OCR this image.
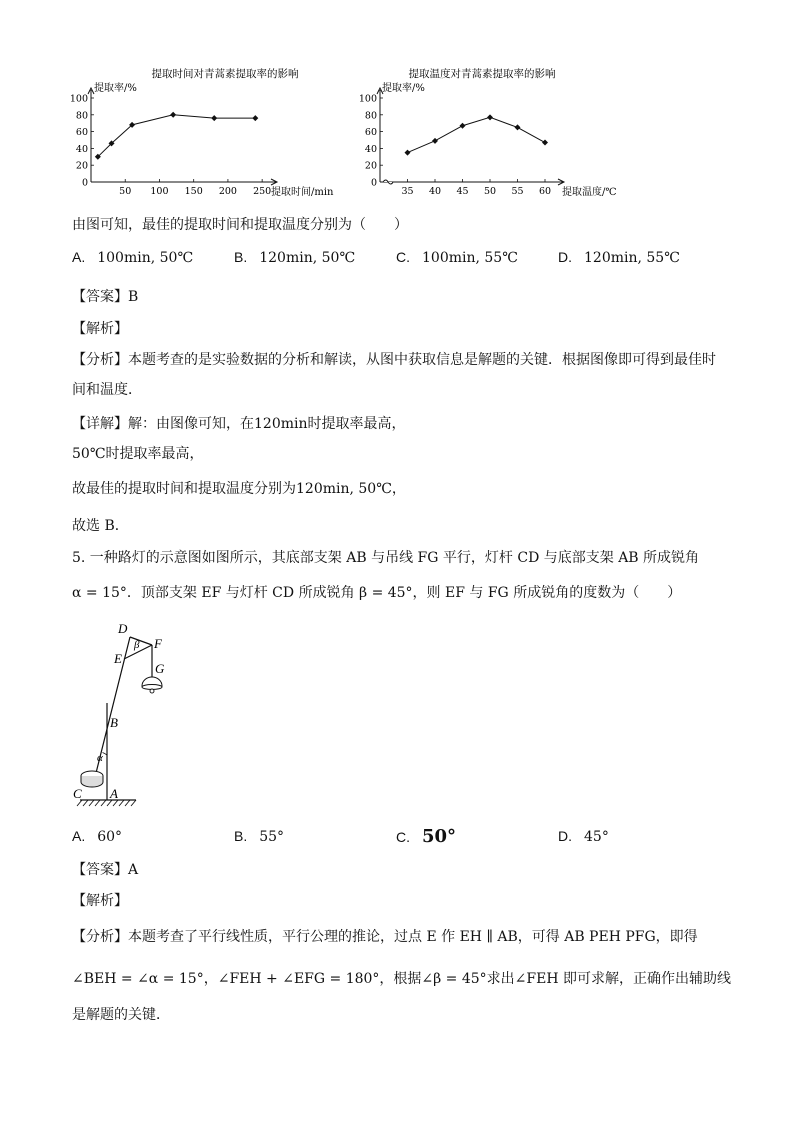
提取时间对青蒿素提取率的影响
提取率/%
100
80
60
40
20
0
50 100 150 200 250 提取时间/min
提取温度对青蒿素提取率的影响
提取率/%
100
80
60
40
20
0
35 40 45 50 55 60 提取温度/℃
由图可知，最佳的提取时间和提取温度分别为（　　）
A. 100min, 50℃	B. 120min, 50℃	C. 100min, 55℃	D. 120min, 55℃
【答案】B
【解析】
【分析】本题考查的是实验数据的分析和解读，从图中获取信息是解题的关键．根据图像即可得到最佳时
间和温度．
【详解】解：由图像可知，在120min时提取率最高，
50℃时提取率最高，
故最佳的提取时间和提取温度分别为120min, 50℃，
故选 B．
5. 一种路灯的示意图如图所示，其底部支架 AB 与吊线 FG 平行，灯杆 CD 与底部支架 AB 所成锐角
α = 15°．顶部支架 EF 与灯杆 CD 所成锐角 β = 45°，则 EF 与 FG 所成锐角的度数为（　　）
D
F
β
E
G
B
α
C A
A. 60°	B. 55°	C. 50°	D. 45°
【答案】A
【解析】
【分析】本题考查了平行线性质，平行公理的推论，过点 E 作 EH ∥ AB，可得 AB PEH PFG，即得
∠BEH = ∠α = 15°，∠FEH + ∠EFG = 180°，根据∠β = 45°求出∠FEH 即可求解，正确作出辅助线
是解题的关键．
